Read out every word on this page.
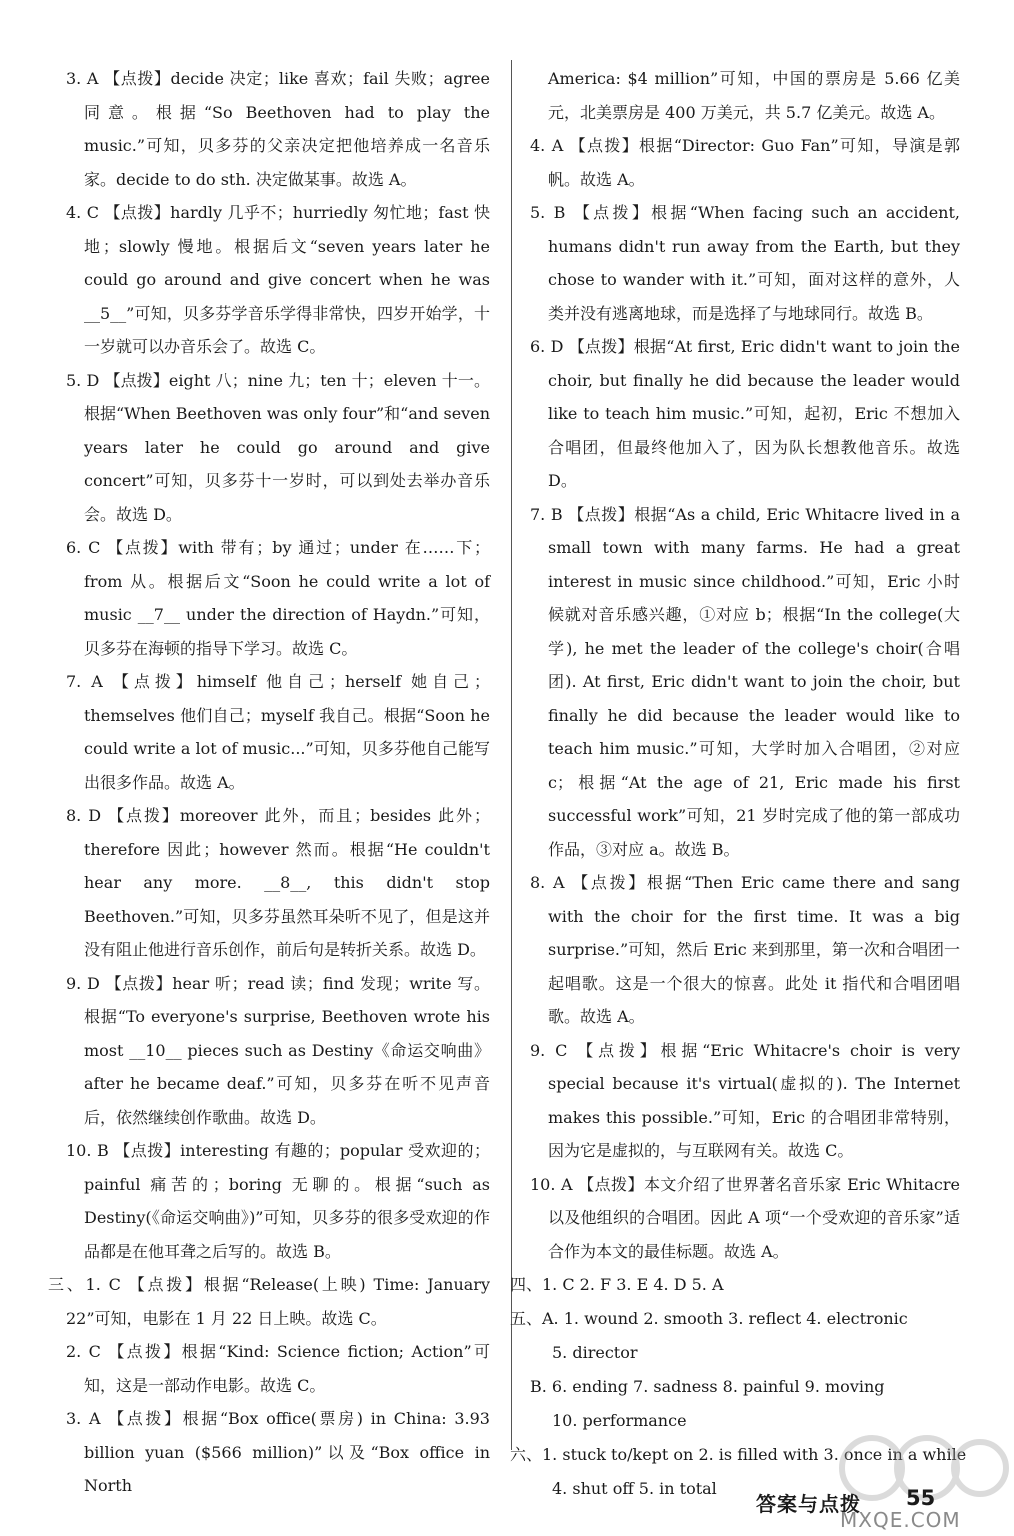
3. A 【点拨】decide 决定；like 喜欢；fail 失败；agree 同意。根据“So Beethoven had to play the music.”可知，贝多芬的父亲决定把他培养成一名音乐家。decide to do sth. 决定做某事。故选 A。
4. C 【点拨】hardly 几乎不；hurriedly 匆忙地；fast 快地；slowly 慢地。根据后文“seven years later he could go around and give concert when he was __5__”可知，贝多芬学音乐学得非常快，四岁开始学，十一岁就可以办音乐会了。故选 C。
5. D 【点拨】eight 八；nine 九；ten 十；eleven 十一。根据“When Beethoven was only four”和“and seven years later he could go around and give concert”可知，贝多芬十一岁时，可以到处去举办音乐会。故选 D。
6. C 【点拨】with 带有；by 通过；under 在……下；from 从。根据后文“Soon he could write a lot of music __7__ under the direction of Haydn.”可知，贝多芬在海顿的指导下学习。故选 C。
7. A 【点拨】himself 他自己；herself 她自己；themselves 他们自己；myself 我自己。根据“Soon he could write a lot of music...”可知，贝多芬他自己能写出很多作品。故选 A。
8. D 【点拨】moreover 此外，而且；besides 此外；therefore 因此；however 然而。根据“He couldn't hear any more. __8__, this didn't stop Beethoven.”可知，贝多芬虽然耳朵听不见了，但是这并没有阻止他进行音乐创作，前后句是转折关系。故选 D。
9. D 【点拨】hear 听；read 读；find 发现；write 写。根据“To everyone's surprise, Beethoven wrote his most __10__ pieces such as Destiny《命运交响曲》after he became deaf.”可知，贝多芬在听不见声音后，依然继续创作歌曲。故选 D。
10. B 【点拨】interesting 有趣的；popular 受欢迎的；painful 痛苦的；boring 无聊的。根据“such as Destiny(《命运交响曲》)”可知，贝多芬的很多受欢迎的作品都是在他耳聋之后写的。故选 B。
三、1. C 【点拨】根据“Release(上映) Time: January 22”可知，电影在 1 月 22 日上映。故选 C。
2. C 【点拨】根据“Kind: Science fiction; Action”可知，这是一部动作电影。故选 C。
3. A 【点拨】根据“Box office(票房) in China: 3.93 billion yuan ($566 million)”以及“Box office in North
America: $4 million”可知，中国的票房是 5.66 亿美元，北美票房是 400 万美元，共 5.7 亿美元。故选 A。
4. A 【点拨】根据“Director: Guo Fan”可知，导演是郭帆。故选 A。
5. B 【点拨】根据“When facing such an accident, humans didn't run away from the Earth, but they chose to wander with it.”可知，面对这样的意外，人类并没有逃离地球，而是选择了与地球同行。故选 B。
6. D 【点拨】根据“At first, Eric didn't want to join the choir, but finally he did because the leader would like to teach him music.”可知，起初，Eric 不想加入合唱团，但最终他加入了，因为队长想教他音乐。故选 D。
7. B 【点拨】根据“As a child, Eric Whitacre lived in a small town with many farms. He had a great interest in music since childhood.”可知，Eric 小时候就对音乐感兴趣，①对应 b；根据“In the college(大学), he met the leader of the college's choir(合唱团). At first, Eric didn't want to join the choir, but finally he did because the leader would like to teach him music.”可知，大学时加入合唱团，②对应 c；根据“At the age of 21, Eric made his first successful work”可知，21 岁时完成了他的第一部成功作品，③对应 a。故选 B。
8. A 【点拨】根据“Then Eric came there and sang with the choir for the first time. It was a big surprise.”可知，然后 Eric 来到那里，第一次和合唱团一起唱歌。这是一个很大的惊喜。此处 it 指代和合唱团唱歌。故选 A。
9. C 【点拨】根据“Eric Whitacre's choir is very special because it's virtual(虚拟的). The Internet makes this possible.”可知，Eric 的合唱团非常特别，因为它是虚拟的，与互联网有关。故选 C。
10. A 【点拨】本文介绍了世界著名音乐家 Eric Whitacre 以及他组织的合唱团。因此 A 项“一个受欢迎的音乐家”适合作为本文的最佳标题。故选 A。
四、1. C 2. F 3. E 4. D 5. A
五、A. 1. wound 2. smooth 3. reflect 4. electronic
5. director
B. 6. ending 7. sadness 8. painful 9. moving
10. performance
六、1. stuck to/kept on 2. is filled with 3. once in a while
4. shut off 5. in total
答案与点拨 55
MXQE.COM
